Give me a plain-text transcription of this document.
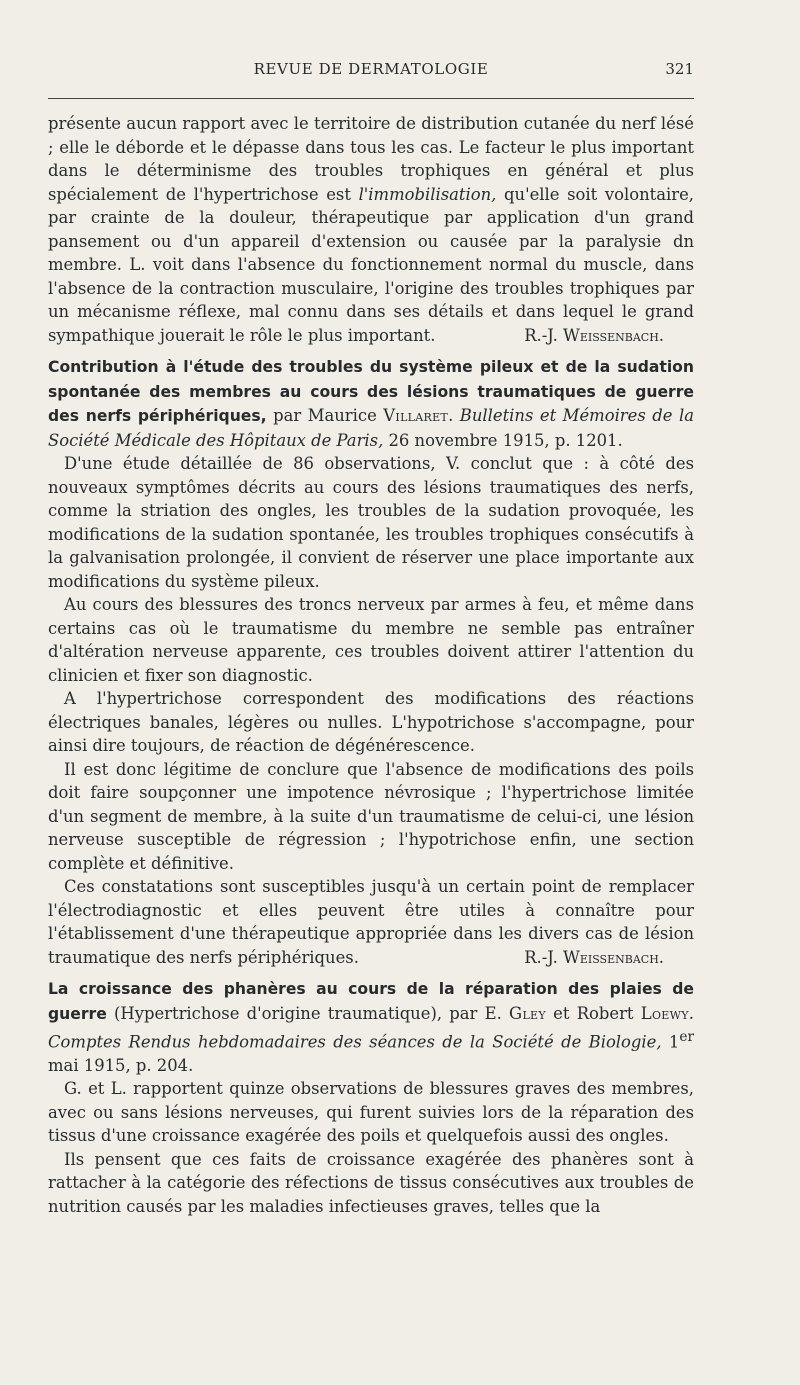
REVUE DE DERMATOLOGIE	321

présente aucun rapport avec le territoire de distribution cutanée du nerf lésé ; elle le déborde et le dépasse dans tous les cas. Le facteur le plus important dans le déterminisme des troubles trophiques en général et plus spécialement de l'hypertrichose est l'immobilisation, qu'elle soit volontaire, par crainte de la douleur, thérapeutique par application d'un grand pansement ou d'un appareil d'extension ou causée par la paralysie dn membre. L. voit dans l'absence du fonctionnement normal du muscle, dans l'absence de la contraction musculaire, l'origine des troubles trophiques par un mécanisme réflexe, mal connu dans ses détails et dans lequel le grand sympathique jouerait le rôle le plus important.	R.-J. Weissenbach.

Contribution à l'étude des troubles du système pileux et de la sudation spontanée des membres au cours des lésions traumatiques de guerre des nerfs périphériques, par Maurice Villaret. Bulletins et Mémoires de la Société Médicale des Hôpitaux de Paris, 26 novembre 1915, p. 1201.

D'une étude détaillée de 86 observations, V. conclut que : à côté des nouveaux symptômes décrits au cours des lésions traumatiques des nerfs, comme la striation des ongles, les troubles de la sudation provoquée, les modifications de la sudation spontanée, les troubles trophiques consécutifs à la galvanisation prolongée, il convient de réserver une place importante aux modifications du système pileux.

Au cours des blessures des troncs nerveux par armes à feu, et même dans certains cas où le traumatisme du membre ne semble pas entraîner d'altération nerveuse apparente, ces troubles doivent attirer l'attention du clinicien et fixer son diagnostic.

A l'hypertrichose correspondent des modifications des réactions électriques banales, légères ou nulles. L'hypotrichose s'accompagne, pour ainsi dire toujours, de réaction de dégénérescence.

Il est donc légitime de conclure que l'absence de modifications des poils doit faire soupçonner une impotence névrosique ; l'hypertrichose limitée d'un segment de membre, à la suite d'un traumatisme de celui-ci, une lésion nerveuse susceptible de régression ; l'hypotrichose enfin, une section complète et définitive.

Ces constatations sont susceptibles jusqu'à un certain point de remplacer l'électrodiagnostic et elles peuvent être utiles à connaître pour l'établissement d'une thérapeutique appropriée dans les divers cas de lésion traumatique des nerfs périphériques.	R.-J. Weissenbach.

La croissance des phanères au cours de la réparation des plaies de guerre (Hypertrichose d'origine traumatique), par E. Gley et Robert Loewy. Comptes Rendus hebdomadaires des séances de la Société de Biologie, 1er mai 1915, p. 204.

G. et L. rapportent quinze observations de blessures graves des membres, avec ou sans lésions nerveuses, qui furent suivies lors de la réparation des tissus d'une croissance exagérée des poils et quelquefois aussi des ongles.

Ils pensent que ces faits de croissance exagérée des phanères sont à rattacher à la catégorie des réfections de tissus consécutives aux troubles de nutrition causés par les maladies infectieuses graves, telles que la
